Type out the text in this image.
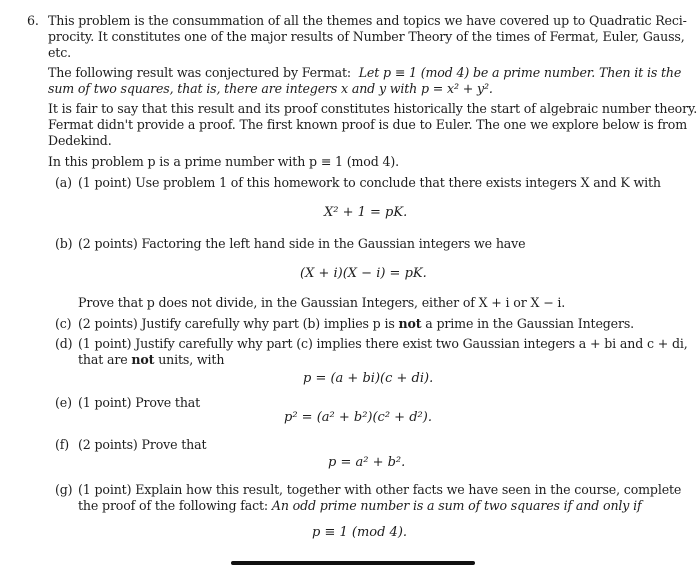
6. This problem is the consummation of all the themes and topics we have covered up to Quadratic Reci-
procity. It constitutes one of the major results of Number Theory of the times of Fermat, Euler, Gauss,
etc.
The following result was conjectured by Fermat: Let p ≡ 1 (mod 4) be a prime number. Then it is the
sum of two squares, that is, there are integers x and y with p = x² + y².
It is fair to say that this result and its proof constitutes historically the start of algebraic number theory.
Fermat didn't provide a proof. The first known proof is due to Euler. The one we explore below is from
Dedekind.
In this problem p is a prime number with p ≡ 1 (mod 4).
(a) (1 point) Use problem 1 of this homework to conclude that there exists integers X and K with
X² + 1 = pK.
(b) (2 points) Factoring the left hand side in the Gaussian integers we have
(X + i)(X − i) = pK.
Prove that p does not divide, in the Gaussian Integers, either of X + i or X − i.
(c) (2 points) Justify carefully why part (b) implies p is not a prime in the Gaussian Integers.
(d) (1 point) Justify carefully why part (c) implies there exist two Gaussian integers a + bi and c + di,
that are not units, with
p = (a + bi)(c + di).
(e) (1 point) Prove that
p² = (a² + b²)(c² + d²).
(f) (2 points) Prove that
p = a² + b².
(g) (1 point) Explain how this result, together with other facts we have seen in the course, complete
the proof of the following fact: An odd prime number is a sum of two squares if and only if
p ≡ 1 (mod 4).
